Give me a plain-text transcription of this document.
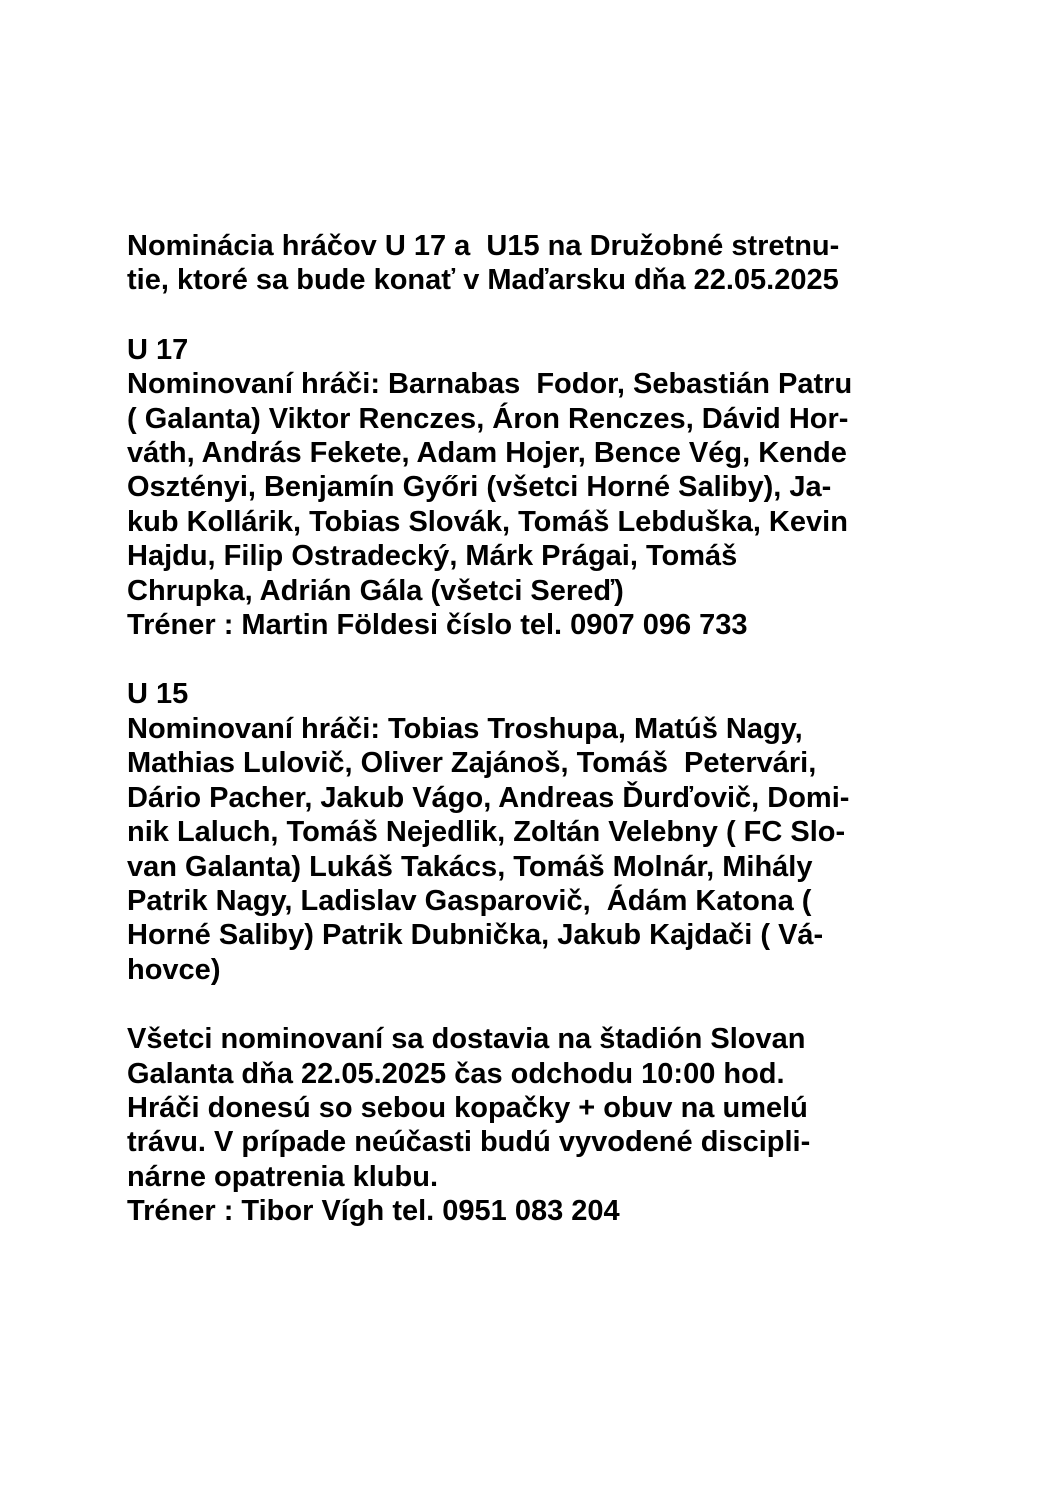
Nominácia hráčov U 17 a  U15 na Družobné stretnu-
tie, ktoré sa bude konať v Maďarsku dňa 22.05.2025
U 17
Nominovaní hráči: Barnabas  Fodor, Sebastián Patru
( Galanta) Viktor Renczes, Áron Renczes, Dávid Hor-
váth, András Fekete, Adam Hojer, Bence Vég, Kende
Osztényi, Benjamín Győri (všetci Horné Saliby), Ja-
kub Kollárik, Tobias Slovák, Tomáš Lebduška, Kevin
Hajdu, Filip Ostradecký, Márk Prágai, Tomáš
Chrupka, Adrián Gála (všetci Sereď)
Tréner : Martin Földesi číslo tel. 0907 096 733
U 15
Nominovaní hráči: Tobias Troshupa, Matúš Nagy,
Mathias Lulovič, Oliver Zajánoš, Tomáš  Petervári,
Dário Pacher, Jakub Vágo, Andreas Ďurďovič, Domi-
nik Laluch, Tomáš Nejedlik, Zoltán Velebny ( FC Slo-
van Galanta) Lukáš Takács, Tomáš Molnár, Mihály
Patrik Nagy, Ladislav Gasparovič,  Ádám Katona (
Horné Saliby) Patrik Dubnička, Jakub Kajdači ( Vá-
hovce)
Všetci nominovaní sa dostavia na štadión Slovan
Galanta dňa 22.05.2025 čas odchodu 10:00 hod.
Hráči donesú so sebou kopačky + obuv na umelú
trávu. V prípade neúčasti budú vyvodené discipli-
nárne opatrenia klubu.
Tréner : Tibor Vígh tel. 0951 083 204
